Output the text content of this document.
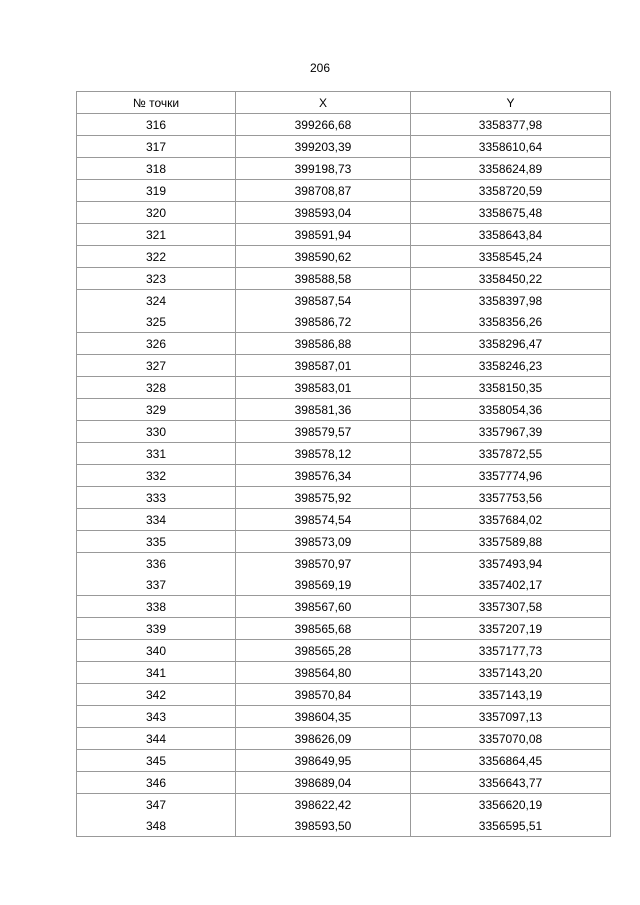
206
№ точки	X	Y
316	399266,68	3358377,98
317	399203,39	3358610,64
318	399198,73	3358624,89
319	398708,87	3358720,59
320	398593,04	3358675,48
321	398591,94	3358643,84
322	398590,62	3358545,24
323	398588,58	3358450,22
324	398587,54	3358397,98
325	398586,72	3358356,26
326	398586,88	3358296,47
327	398587,01	3358246,23
328	398583,01	3358150,35
329	398581,36	3358054,36
330	398579,57	3357967,39
331	398578,12	3357872,55
332	398576,34	3357774,96
333	398575,92	3357753,56
334	398574,54	3357684,02
335	398573,09	3357589,88
336	398570,97	3357493,94
337	398569,19	3357402,17
338	398567,60	3357307,58
339	398565,68	3357207,19
340	398565,28	3357177,73
341	398564,80	3357143,20
342	398570,84	3357143,19
343	398604,35	3357097,13
344	398626,09	3357070,08
345	398649,95	3356864,45
346	398689,04	3356643,77
347	398622,42	3356620,19
348	398593,50	3356595,51
